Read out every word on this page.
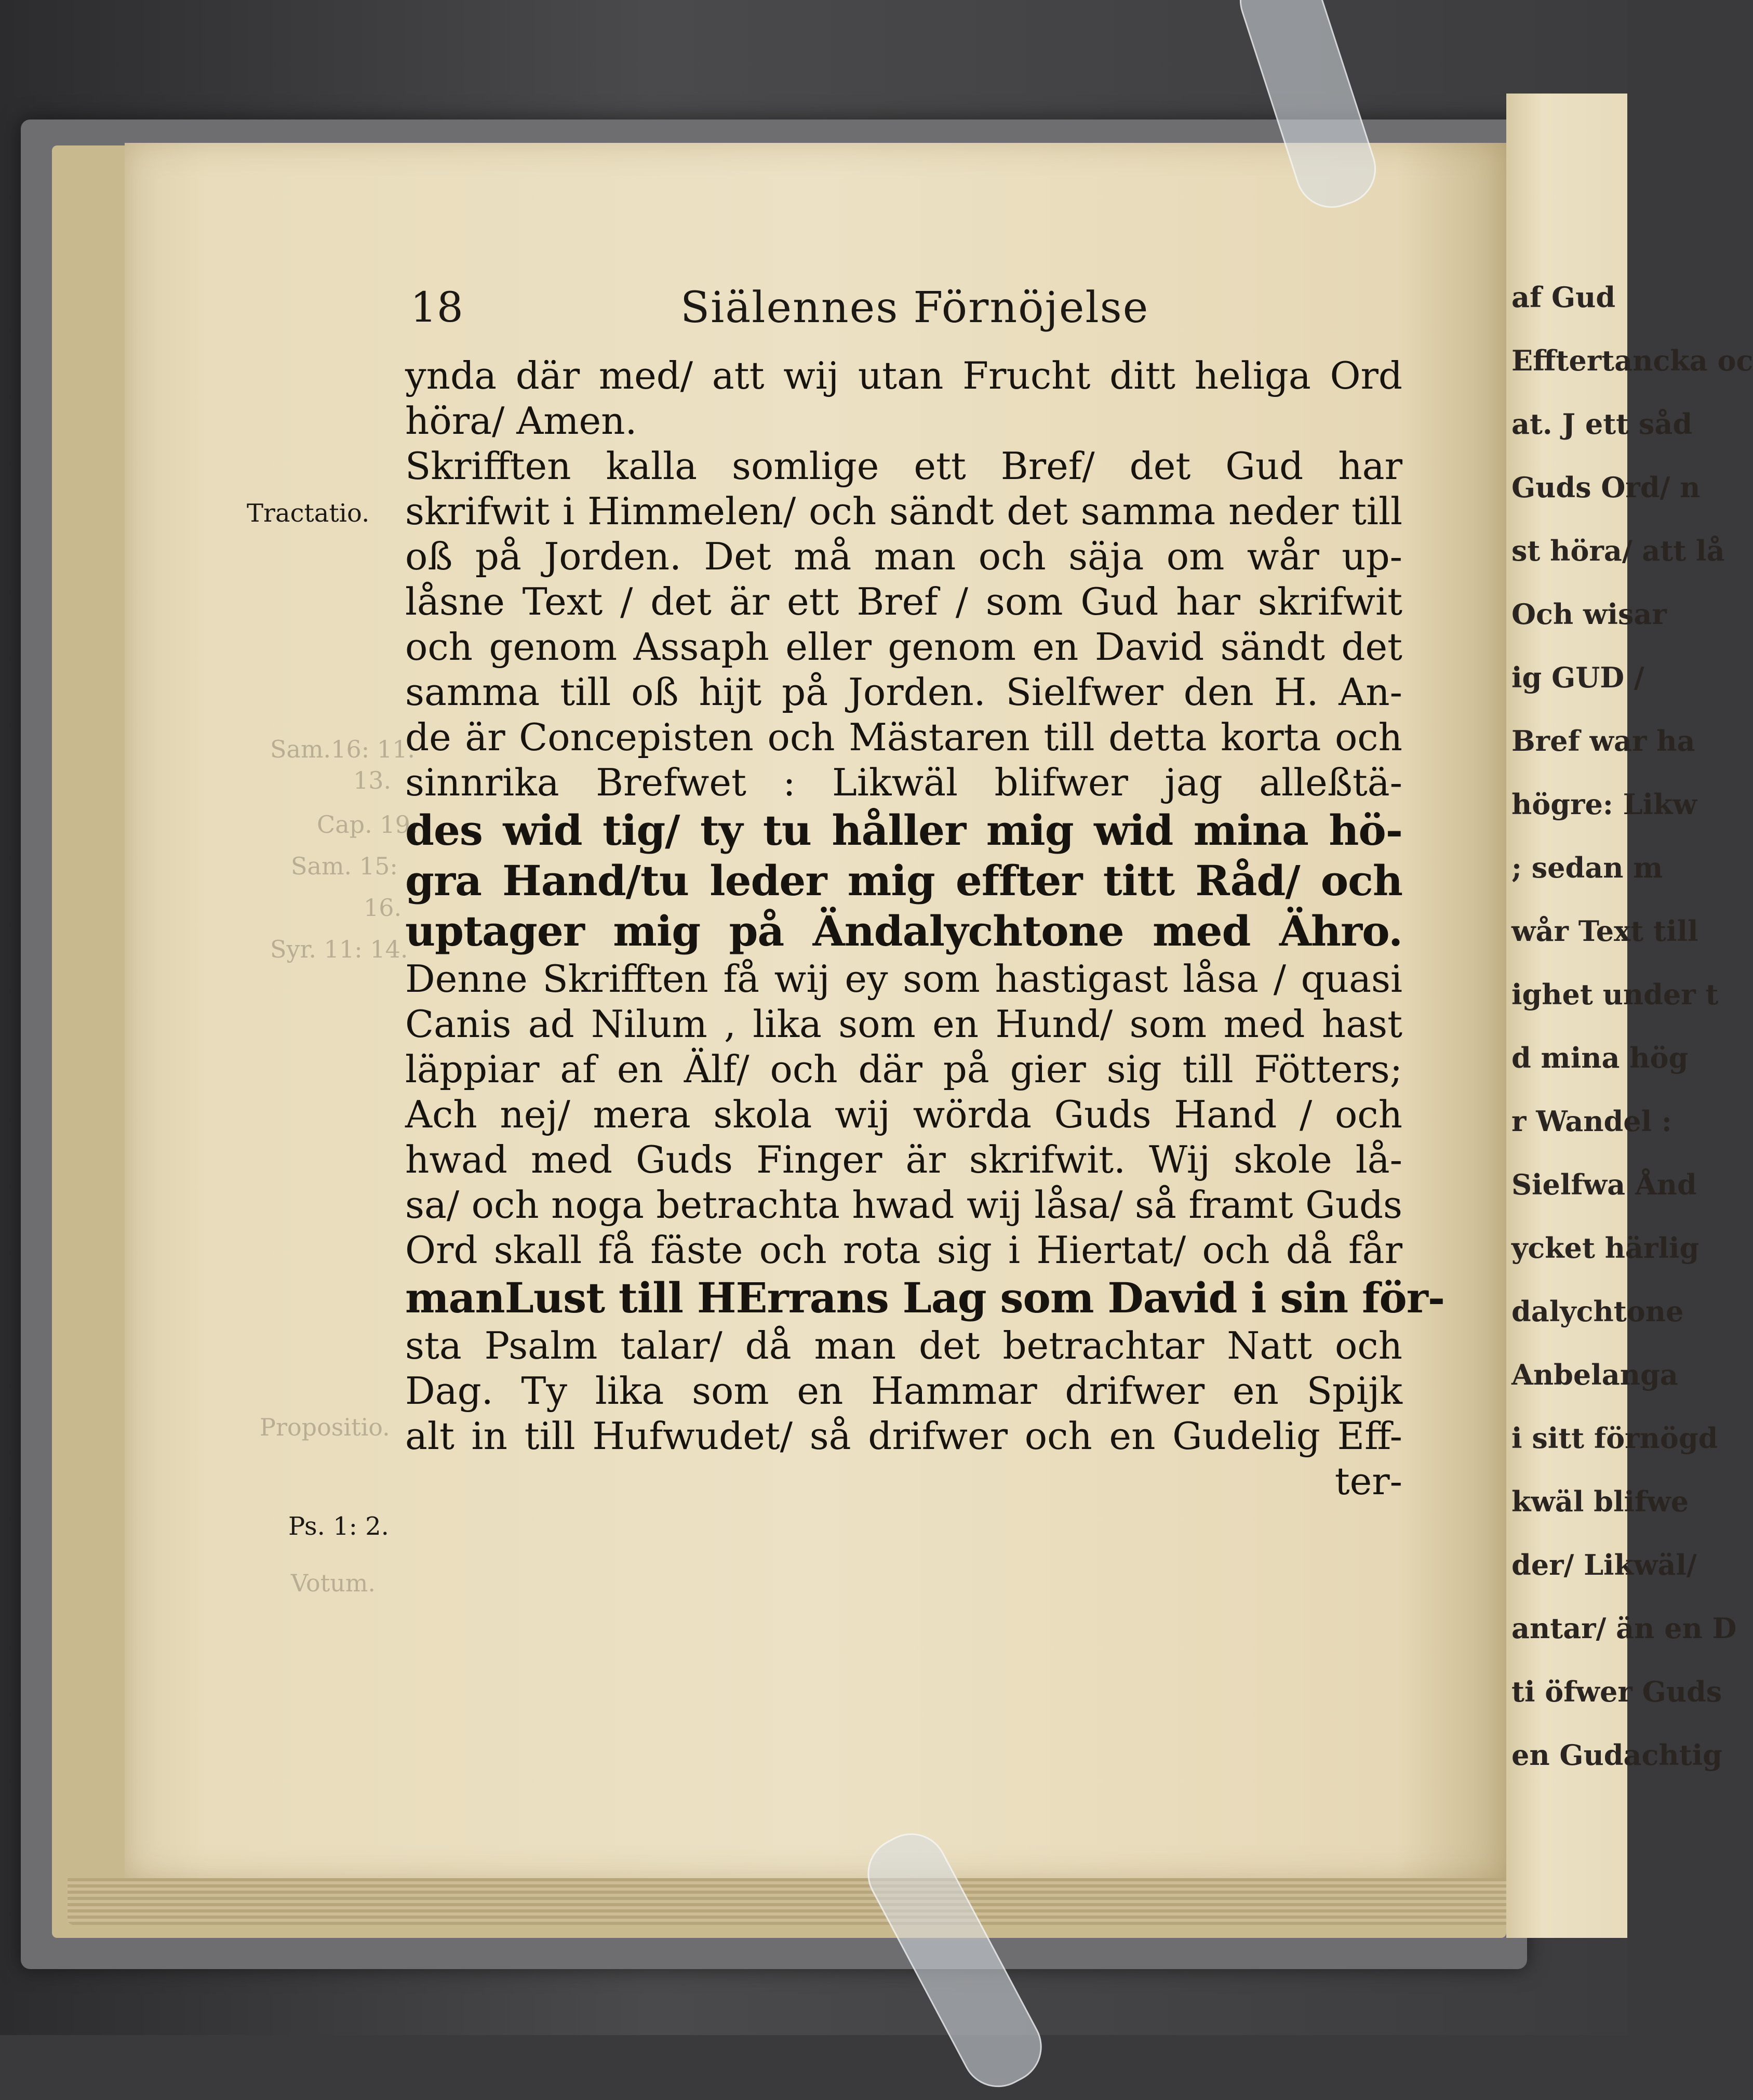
af Gud
Efftertancka oc
at. J ett såd
Guds Ord/ n
st höra/ att lå
Och wisar
ig GUD /
Bref war ha
högre: Likw
; sedan m
wår Text till
ighet under t
d mina hög
r Wandel :
Sielfwa Ånd
ycket härlig
dalychtone
Anbelanga
i sitt förnögd
kwäl blifwe
der/ Likwäl/
antar/ än en D
ti öfwer Guds
en Gudachtig
18	Siälennes Förnöjelse
ynda där med/ att wij utan Frucht ditt heliga Ord
höra/ Amen.
Skrifften kalla somlige ett Bref/ det Gud har
skrifwit i Himmelen/ och sändt det samma neder till
oß på Jorden. Det må man och säja om wår up-
låsne Text / det är ett Bref / som Gud har skrifwit
och genom Assaph eller genom en David sändt det
samma till oß hijt på Jorden. Sielfwer den H. An-
de är Concepisten och Mästaren till detta korta och
sinnrika Brefwet : Likwäl blifwer jag alleßtä-
des wid tig/ ty tu håller mig wid mina hö-
gra Hand/tu leder mig effter titt Råd/ och
uptager mig på Ändalychtone med Ähro.
Denne Skrifften få wij ey som hastigast låsa / quasi
Canis ad Nilum , lika som en Hund/ som med hast
läppiar af en Älf/ och där på gier sig till Fötters;
Ach nej/ mera skola wij wörda Guds Hand / och
hwad med Guds Finger är skrifwit. Wij skole lå-
sa/ och noga betrachta hwad wij låsa/ så framt Guds
Ord skall få fäste och rota sig i Hiertat/ och då får
manLust till HErrans Lag som David i sin för-
sta Psalm talar/ då man det betrachtar Natt och
Dag. Ty lika som en Hammar drifwer en Spijk
alt in till Hufwudet/ så drifwer och en Gudelig Eff-
ter-
Tractatio.
Ps. 1: 2.
Sam.16: 11.
13.
Cap. 19:
Sam. 15:
16.
Syr. 11: 14.
Propositio.
Votum.
